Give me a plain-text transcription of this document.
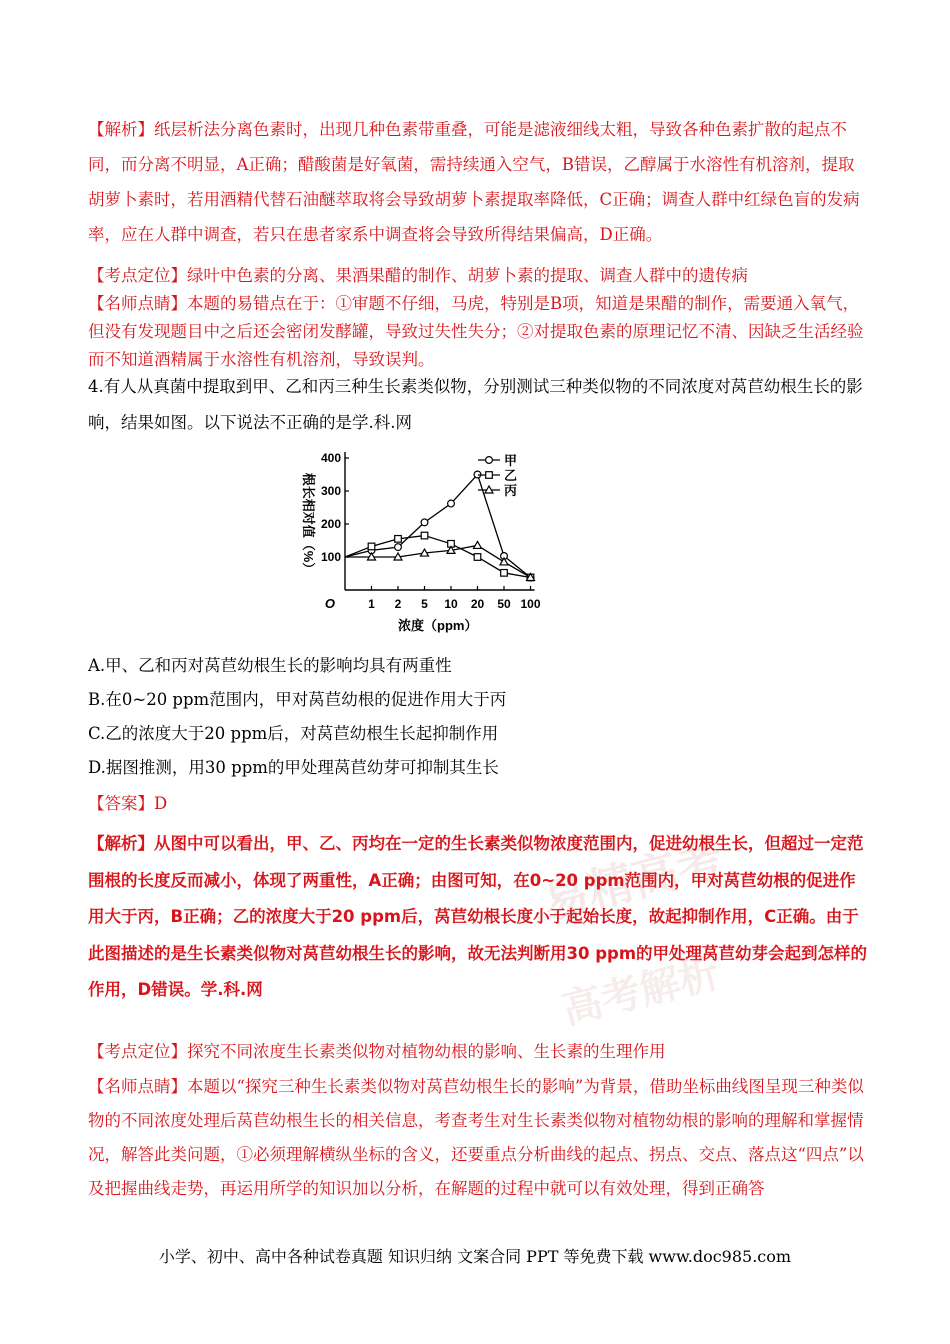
【解析】纸层析法分离色素时，出现几种色素带重叠，可能是滤液细线太粗，导致各种色素扩散的起点不同，而分离不明显，A正确；醋酸菌是好氧菌，需持续通入空气，B错误，乙醇属于水溶性有机溶剂，提取胡萝卜素时，若用酒精代替石油醚萃取将会导致胡萝卜素提取率降低，C正确；调查人群中红绿色盲的发病率，应在人群中调查，若只在患者家系中调查将会导致所得结果偏高，D正确。

【考点定位】绿叶中色素的分离、果酒果醋的制作、胡萝卜素的提取、调查人群中的遗传病

【名师点睛】本题的易错点在于：①审题不仔细，马虎，特别是B项，知道是果醋的制作，需要通入氧气，但没有发现题目中之后还会密闭发酵罐，导致过失性失分；②对提取色素的原理记忆不清、因缺乏生活经验而不知道酒精属于水溶性有机溶剂，导致误判。

4.有人从真菌中提取到甲、乙和丙三种生长素类似物，分别测试三种类似物的不同浓度对莴苣幼根生长的影响，结果如图。以下说法不正确的是学.科.网

100
200
300
400
1 2 5 10 20 50 100
O
浓度（ppm）
根长相对值（%）
甲
乙
丙

A.甲、乙和丙对莴苣幼根生长的影响均具有两重性

B.在0~20 ppm范围内，甲对莴苣幼根的促进作用大于丙

C.乙的浓度大于20 ppm后，对莴苣幼根生长起抑制作用

D.据图推测，用30 ppm的甲处理莴苣幼芽可抑制其生长

【答案】D

【解析】从图中可以看出，甲、乙、丙均在一定的生长素类似物浓度范围内，促进幼根生长，但超过一定范围根的长度反而减小，体现了两重性，A正确；由图可知，在0~20 ppm范围内，甲对莴苣幼根的促进作用大于丙，B正确；乙的浓度大于20 ppm后，莴苣幼根长度小于起始长度，故起抑制作用，C正确。由于此图描述的是生长素类似物对莴苣幼根生长的影响，故无法判断用30 ppm的甲处理莴苣幼芽会起到怎样的作用，D错误。学.科.网

易精高考
高考解析

【考点定位】探究不同浓度生长素类似物对植物幼根的影响、生长素的生理作用

【名师点睛】本题以“探究三种生长素类似物对莴苣幼根生长的影响”为背景，借助坐标曲线图呈现三种类似物的不同浓度处理后莴苣幼根生长的相关信息，考查考生对生长素类似物对植物幼根的影响的理解和掌握情况，解答此类问题，①必须理解横纵坐标的含义，还要重点分析曲线的起点、拐点、交点、落点这“四点”以及把握曲线走势，再运用所学的知识加以分析，在解题的过程中就可以有效处理，得到正确答

小学、初中、高中各种试卷真题 知识归纳 文案合同 PPT 等免费下载 www.doc985.com
